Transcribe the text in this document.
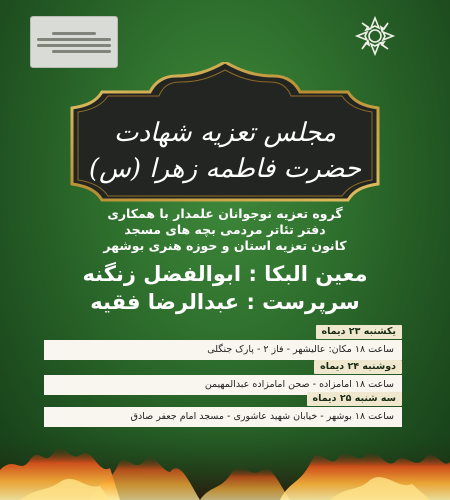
مجلس تعزیه شهادت
حضرت فاطمه زهرا (س)
گروه تعزیه نوجوانان علمدار با همکاری
دفتر تئاتر مردمی بچه های مسجد
کانون تعزیه استان و حوزه هنری بوشهر
معین البکا : ابوالفضل زنگنه
سرپرست : عبدالرضا فقیه
یکشنبه ۲۳ دیماه
ساعت ۱۸ مکان: عالیشهر - فاز ۲ - پارک جنگلی
دوشنبه ۲۴ دیماه
ساعت ۱۸ امامزاده - صحن امامزاده عبدالمهیمن
سه شنبه ۲۵ دیماه
ساعت ۱۸ بوشهر - خیابان شهید عاشوری - مسجد امام جعفر صادق
